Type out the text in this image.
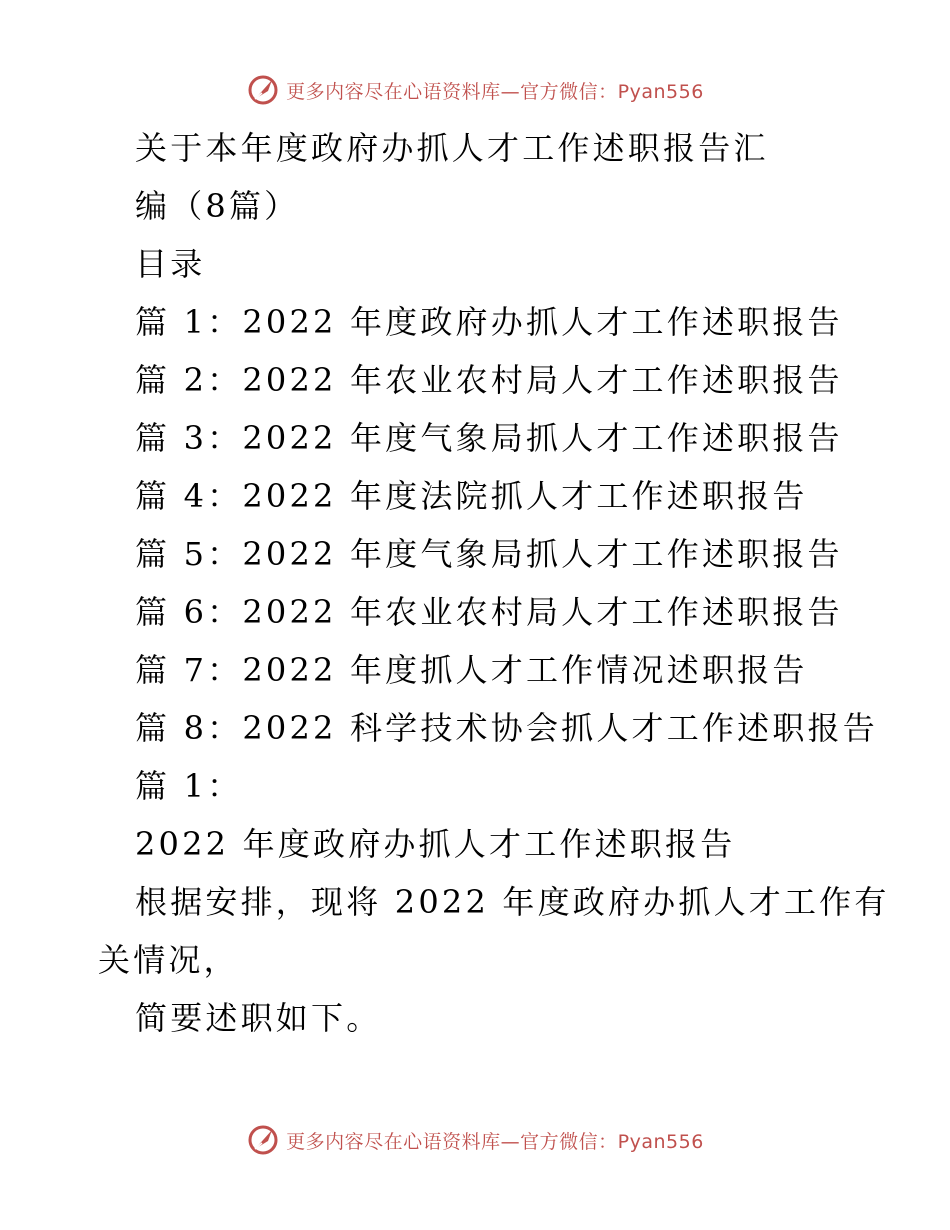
更多内容尽在心语资料库—官方微信：Pyan556
关于本年度政府办抓人才工作述职报告汇
编（8篇）
目录
篇 1：2022 年度政府办抓人才工作述职报告
篇 2：2022 年农业农村局人才工作述职报告
篇 3：2022 年度气象局抓人才工作述职报告
篇 4：2022 年度法院抓人才工作述职报告
篇 5：2022 年度气象局抓人才工作述职报告
篇 6：2022 年农业农村局人才工作述职报告
篇 7：2022 年度抓人才工作情况述职报告
篇 8：2022 科学技术协会抓人才工作述职报告
篇 1：
2022 年度政府办抓人才工作述职报告
根据安排，现将 2022 年度政府办抓人才工作有
关情况，
简要述职如下。
更多内容尽在心语资料库—官方微信：Pyan556
